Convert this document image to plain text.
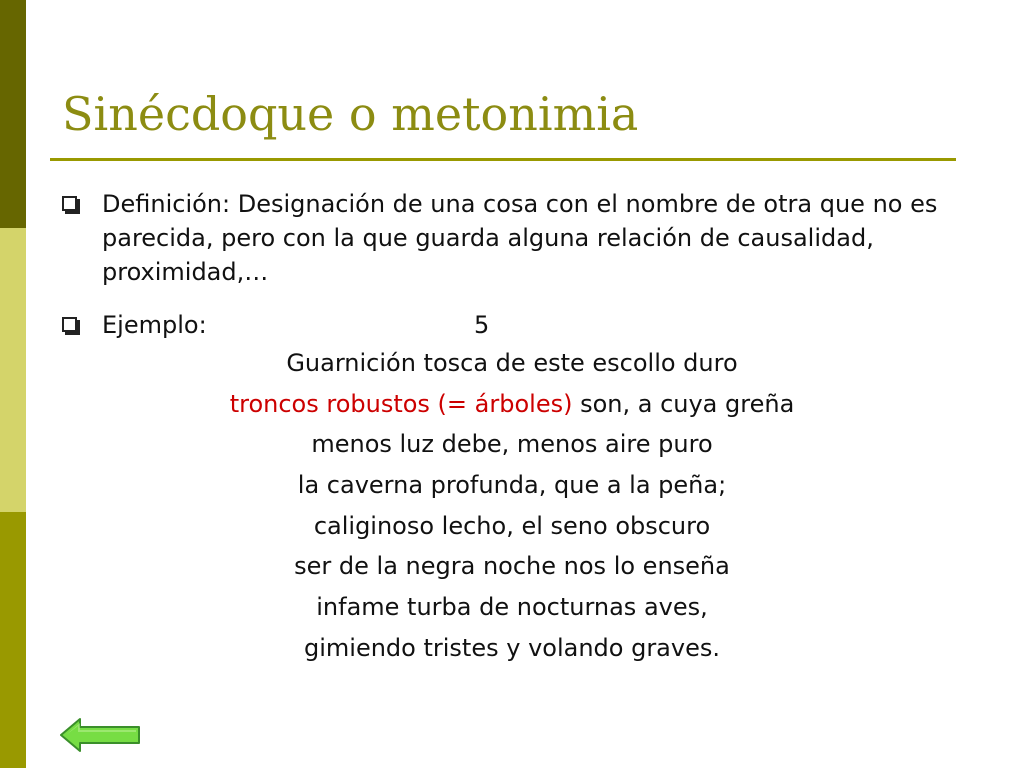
Sinécdoque o metonimia
Definición: Designación de una cosa con el nombre de otra que no es parecida, pero con la que guarda alguna relación de causalidad, proximidad,…
Ejemplo:	5
Guarnición tosca de este escollo duro
troncos robustos (= árboles) son, a cuya greña
menos luz debe, menos aire puro
la caverna profunda, que a la peña;
caliginoso lecho, el seno obscuro
ser de la negra noche nos lo enseña
infame turba de nocturnas aves,
gimiendo tristes y volando graves.
